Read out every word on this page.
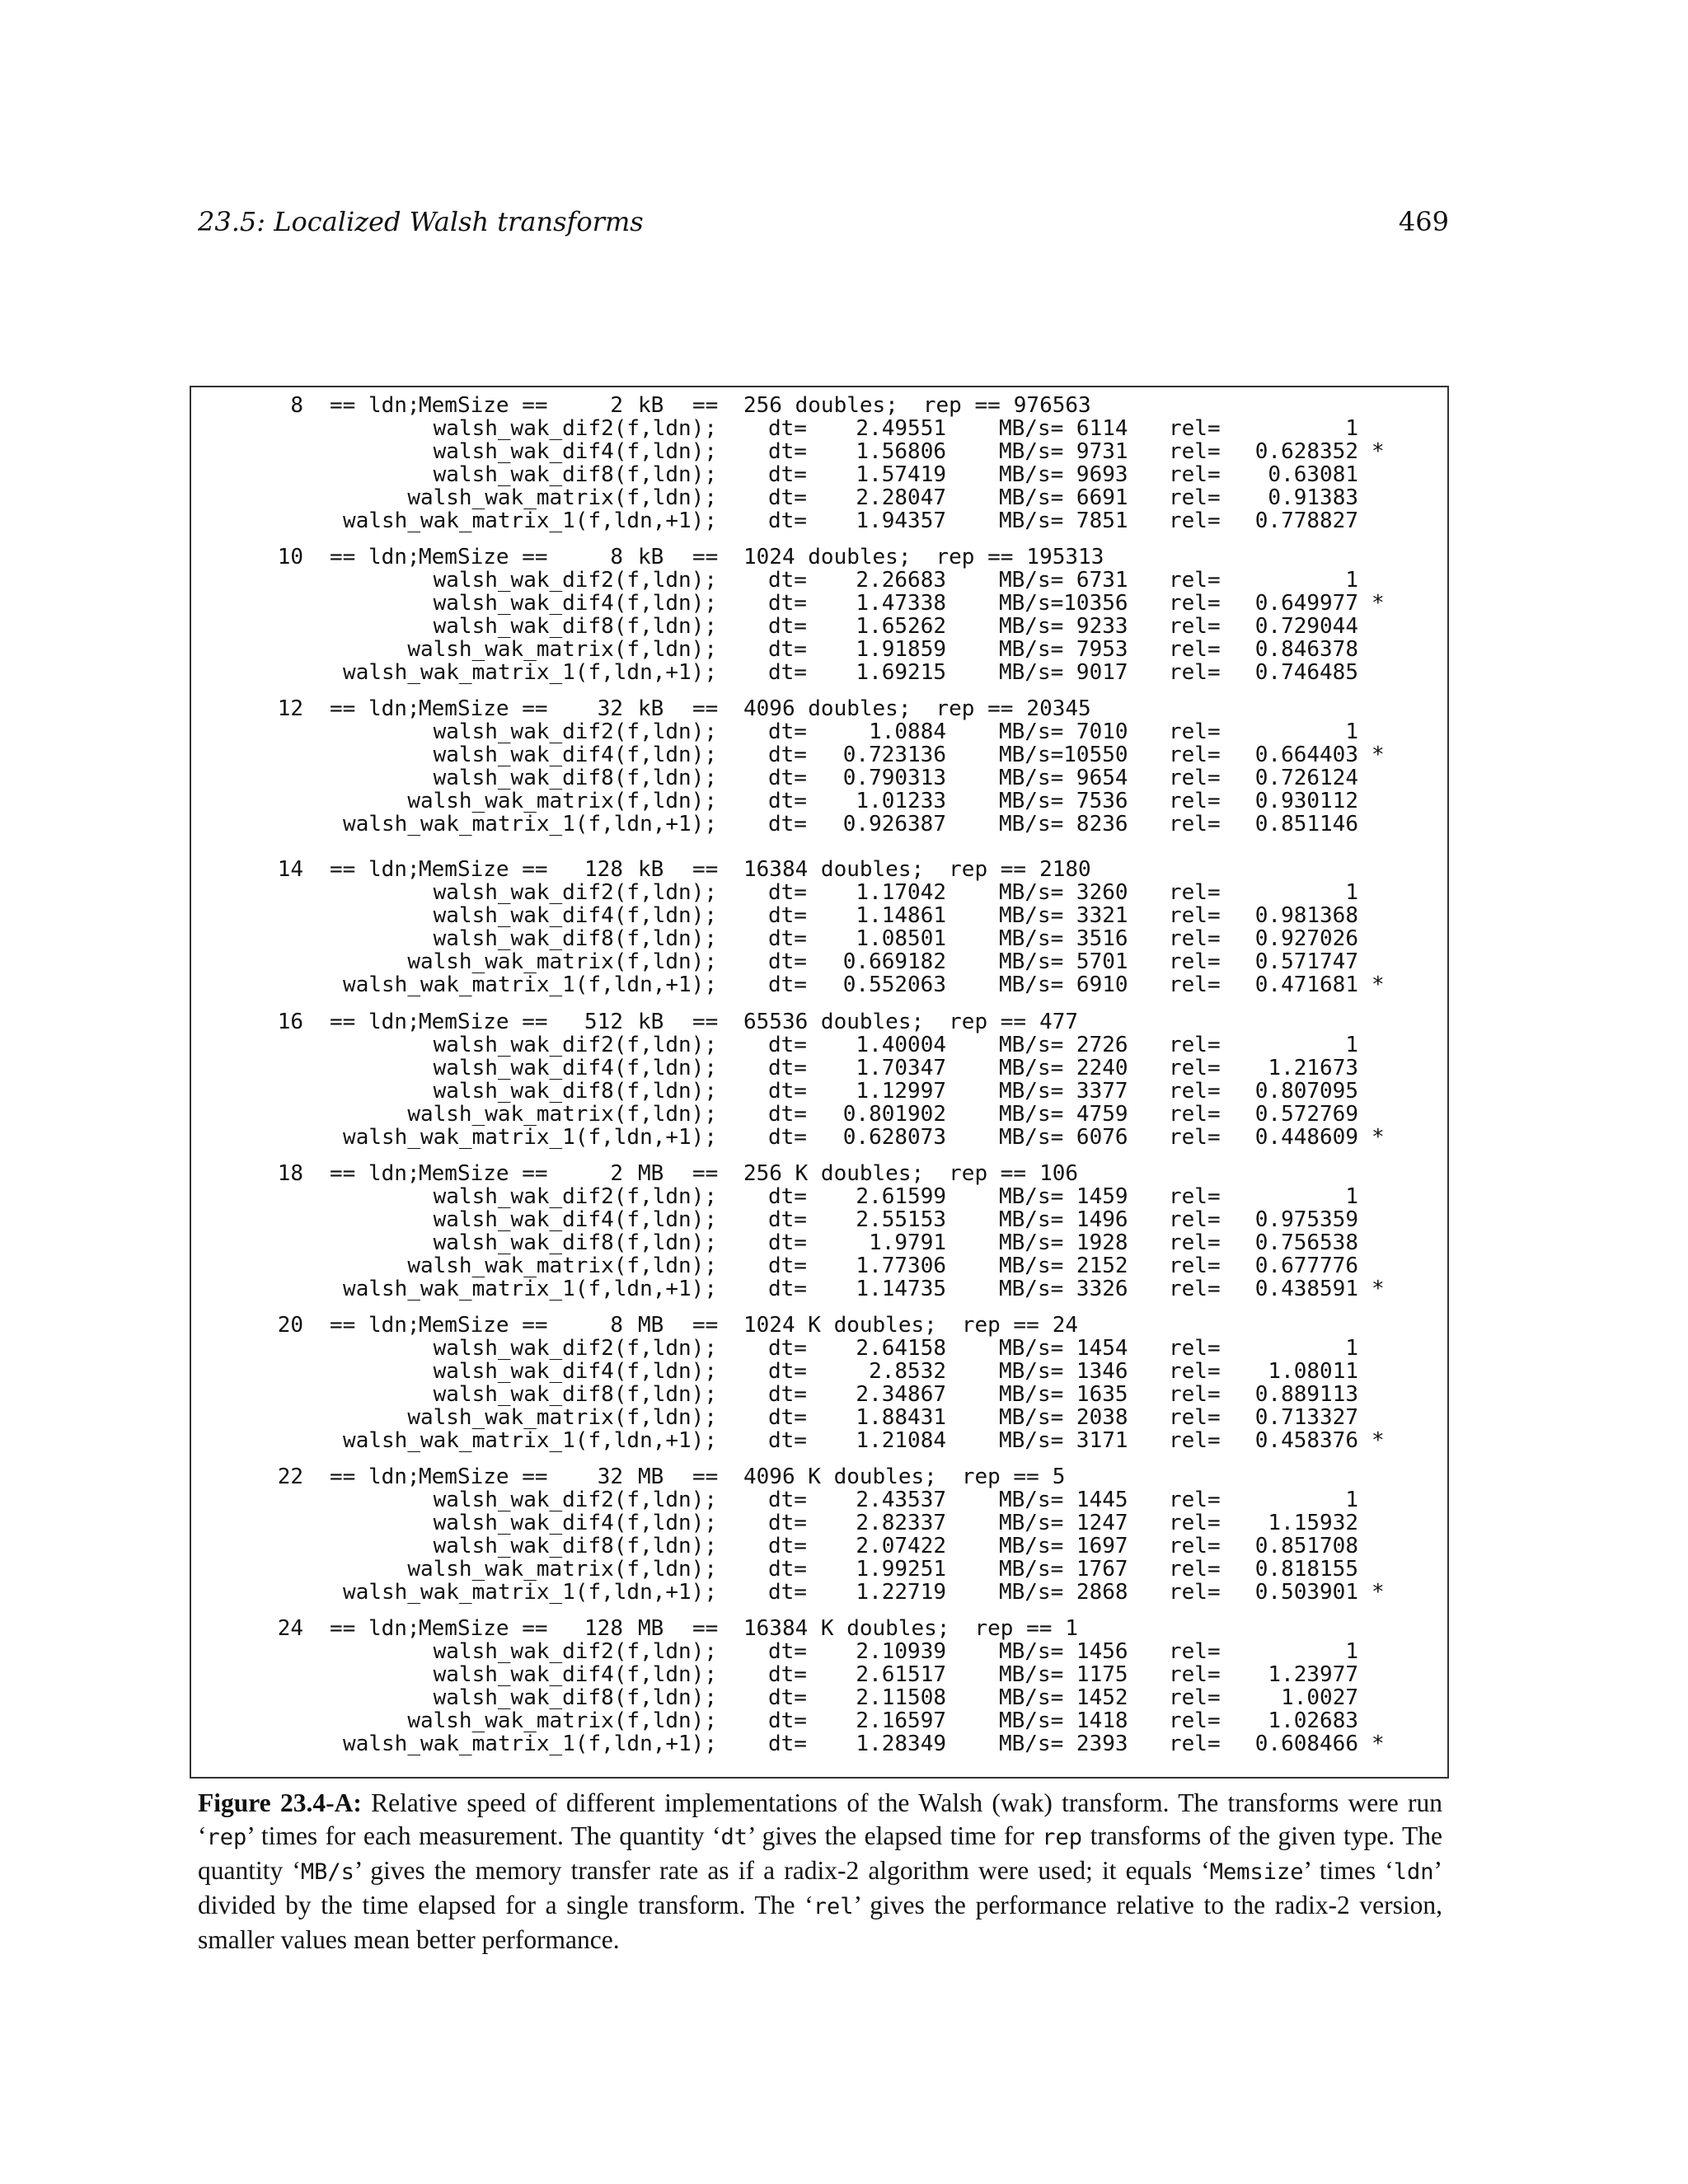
23.5: Localized Walsh transforms	469
8 == ldn;
MemSize ==	2 kB == 256 doubles; rep == 976563
walsh_wak_dif2(f,ldn); dt= 2.49551 MB/s= 6114 rel=	1
walsh_wak_dif4(f,ldn); dt= 1.56806 MB/s= 9731 rel= 0.628352 *
walsh_wak_dif8(f,ldn); dt= 1.57419 MB/s= 9693 rel= 0.63081
walsh_wak_matrix(f,ldn); dt= 2.28047 MB/s= 6691 rel= 0.91383
walsh_wak_matrix_1(f,ldn,+1); dt= 1.94357 MB/s= 7851 rel= 0.778827
10 == ldn;
MemSize ==	8 kB == 1024 doubles; rep == 195313
walsh_wak_dif2(f,ldn); dt= 2.26683 MB/s= 6731 rel=	1
walsh_wak_dif4(f,ldn); dt= 1.47338 MB/s=10356 rel= 0.649977 *
walsh_wak_dif8(f,ldn); dt= 1.65262 MB/s= 9233 rel= 0.729044
walsh_wak_matrix(f,ldn); dt= 1.91859 MB/s= 7953 rel= 0.846378
walsh_wak_matrix_1(f,ldn,+1); dt= 1.69215 MB/s= 9017 rel= 0.746485
12 == ldn;
MemSize == 32 kB == 4096 doubles; rep == 20345
walsh_wak_dif2(f,ldn); dt=	1.0884 MB/s= 7010 rel=	1
walsh_wak_dif4(f,ldn); dt= 0.723136 MB/s=10550 rel= 0.664403 *
walsh_wak_dif8(f,ldn); dt= 0.790313 MB/s= 9654 rel= 0.726124
walsh_wak_matrix(f,ldn); dt= 1.01233 MB/s= 7536 rel= 0.930112
walsh_wak_matrix_1(f,ldn,+1); dt= 0.926387 MB/s= 8236 rel= 0.851146
14 == ldn;
MemSize == 128 kB == 16384 doubles; rep == 2180
walsh_wak_dif2(f,ldn); dt= 1.17042 MB/s= 3260 rel=	1
walsh_wak_dif4(f,ldn); dt= 1.14861 MB/s= 3321 rel= 0.981368
walsh_wak_dif8(f,ldn); dt= 1.08501 MB/s= 3516 rel= 0.927026
walsh_wak_matrix(f,ldn); dt= 0.669182 MB/s= 5701 rel= 0.571747
walsh_wak_matrix_1(f,ldn,+1); dt= 0.552063 MB/s= 6910 rel= 0.471681 *
16 == ldn;
MemSize == 512 kB == 65536 doubles; rep == 477
walsh_wak_dif2(f,ldn); dt= 1.40004 MB/s= 2726 rel=	1
walsh_wak_dif4(f,ldn); dt= 1.70347 MB/s= 2240 rel= 1.21673
walsh_wak_dif8(f,ldn); dt= 1.12997 MB/s= 3377 rel= 0.807095
walsh_wak_matrix(f,ldn); dt= 0.801902 MB/s= 4759 rel= 0.572769
walsh_wak_matrix_1(f,ldn,+1); dt= 0.628073 MB/s= 6076 rel= 0.448609 *
18 == ldn;
MemSize ==	2 MB == 256 K doubles; rep == 106
walsh_wak_dif2(f,ldn); dt= 2.61599 MB/s= 1459 rel=	1
walsh_wak_dif4(f,ldn); dt= 2.55153 MB/s= 1496 rel= 0.975359
walsh_wak_dif8(f,ldn); dt=	1.9791 MB/s= 1928 rel= 0.756538
walsh_wak_matrix(f,ldn); dt= 1.77306 MB/s= 2152 rel= 0.677776
walsh_wak_matrix_1(f,ldn,+1); dt= 1.14735 MB/s= 3326 rel= 0.438591 *
20 == ldn;
MemSize ==	8 MB == 1024 K doubles; rep == 24
walsh_wak_dif2(f,ldn); dt= 2.64158 MB/s= 1454 rel=	1
walsh_wak_dif4(f,ldn); dt=	2.8532 MB/s= 1346 rel= 1.08011
walsh_wak_dif8(f,ldn); dt= 2.34867 MB/s= 1635 rel= 0.889113
walsh_wak_matrix(f,ldn); dt= 1.88431 MB/s= 2038 rel= 0.713327
walsh_wak_matrix_1(f,ldn,+1); dt= 1.21084 MB/s= 3171 rel= 0.458376 *
22 == ldn;
MemSize == 32 MB == 4096 K doubles; rep == 5
walsh_wak_dif2(f,ldn); dt= 2.43537 MB/s= 1445 rel=	1
walsh_wak_dif4(f,ldn); dt= 2.82337 MB/s= 1247 rel= 1.15932
walsh_wak_dif8(f,ldn); dt= 2.07422 MB/s= 1697 rel= 0.851708
walsh_wak_matrix(f,ldn); dt= 1.99251 MB/s= 1767 rel= 0.818155
walsh_wak_matrix_1(f,ldn,+1); dt= 1.22719 MB/s= 2868 rel= 0.503901 *
24 == ldn;
MemSize == 128 MB == 16384 K doubles; rep == 1
walsh_wak_dif2(f,ldn); dt= 2.10939 MB/s= 1456 rel=	1
walsh_wak_dif4(f,ldn); dt= 2.61517 MB/s= 1175 rel= 1.23977
walsh_wak_dif8(f,ldn); dt= 2.11508 MB/s= 1452 rel=	1.0027
walsh_wak_matrix(f,ldn); dt= 2.16597 MB/s= 1418 rel= 1.02683
walsh_wak_matrix_1(f,ldn,+1); dt= 1.28349 MB/s= 2393 rel= 0.608466 *
Figure 23.4-A: Relative speed of different implementations of the Walsh (wak) transform. The transforms were run ‘rep’ times for each measurement. The quantity ‘dt’ gives the elapsed time for rep transforms of the given type. The quantity ‘MB/s’ gives the memory transfer rate as if a radix-2 algorithm were used; it equals ‘Memsize’ times ‘ldn’ divided by the time elapsed for a single transform. The ‘rel’ gives the performance relative to the radix-2 version, smaller values mean better performance.
